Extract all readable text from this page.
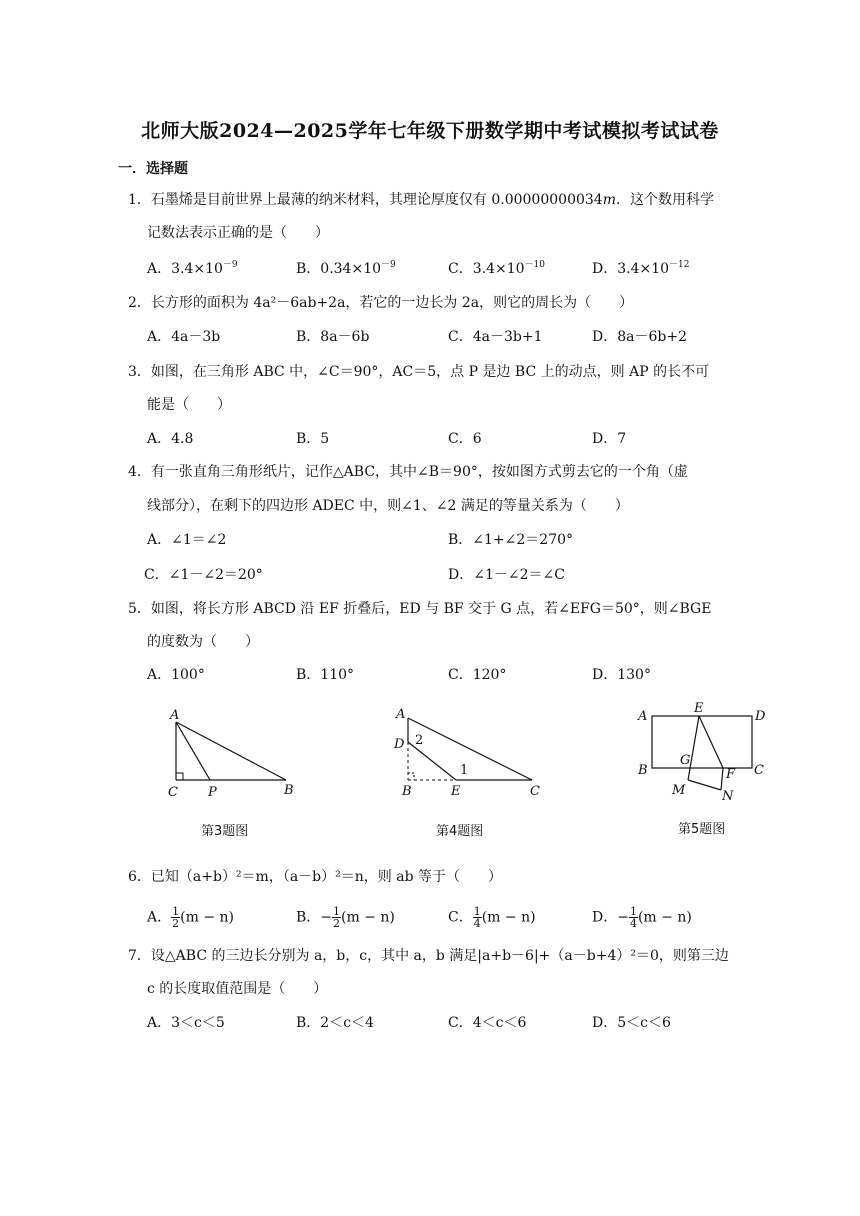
北师大版2024—2025学年七年级下册数学期中考试模拟考试试卷
一．选择题
1．石墨烯是目前世界上最薄的纳米材料，其理论厚度仅有 0.00000000034m．这个数用科学
记数法表示正确的是（　　）
A．$3.4\times 10^{-9}$	B．$0.34\times 10^{-9}$	C．$3.4\times 10^{-10}$	D．$3.4\times 10^{-12}$
2．长方形的面积为 4a²－6ab+2a，若它的一边长为 2a，则它的周长为（　　）
A．4a－3b	B．8a－6b	C．4a－3b+1	D．8a－6b+2
3．如图，在三角形 ABC 中，∠C＝90°，AC＝5，点 P 是边 BC 上的动点，则 AP 的长不可
能是（　　）
A．4.8	B．5	C．6	D．7
4．有一张直角三角形纸片，记作△ABC，其中∠B＝90°，按如图方式剪去它的一个角（虚
线部分），在剩下的四边形 ADEC 中，则∠1、∠2 满足的等量关系为（　　）
A．∠1＝∠2	B．∠1+∠2＝270°
C．∠1－∠2＝20°	D．∠1－∠2＝∠C
5．如图，将长方形 ABCD 沿 EF 折叠后，ED 与 BF 交于 G 点，若∠EFG＝50°，则∠BGE
的度数为（　　）
A．100°	B．110°	C．120°	D．130°
A
C P	B
第3题图
A
D 2
1
B	E	C
第4题图
A
E
D
G
B	F C
M	N
第5题图
6．已知（a+b）²＝m，（a－b）²＝n，则 ab 等于（　　）
A． $\frac{1}{2} (m - n)$	B．− $\frac{1}{2} (m - n)$	C． $\frac{1}{4} (m - n)$	D．− $\frac{1}{4} (m - n)$
7．设△ABC 的三边长分别为 a，b，c，其中 a，b 满足|a+b－6|+（a－b+4）²＝0，则第三边
c 的长度取值范围是（　　）
A．3＜c＜5	B．2＜c＜4	C．4＜c＜6	D．5＜c＜6
